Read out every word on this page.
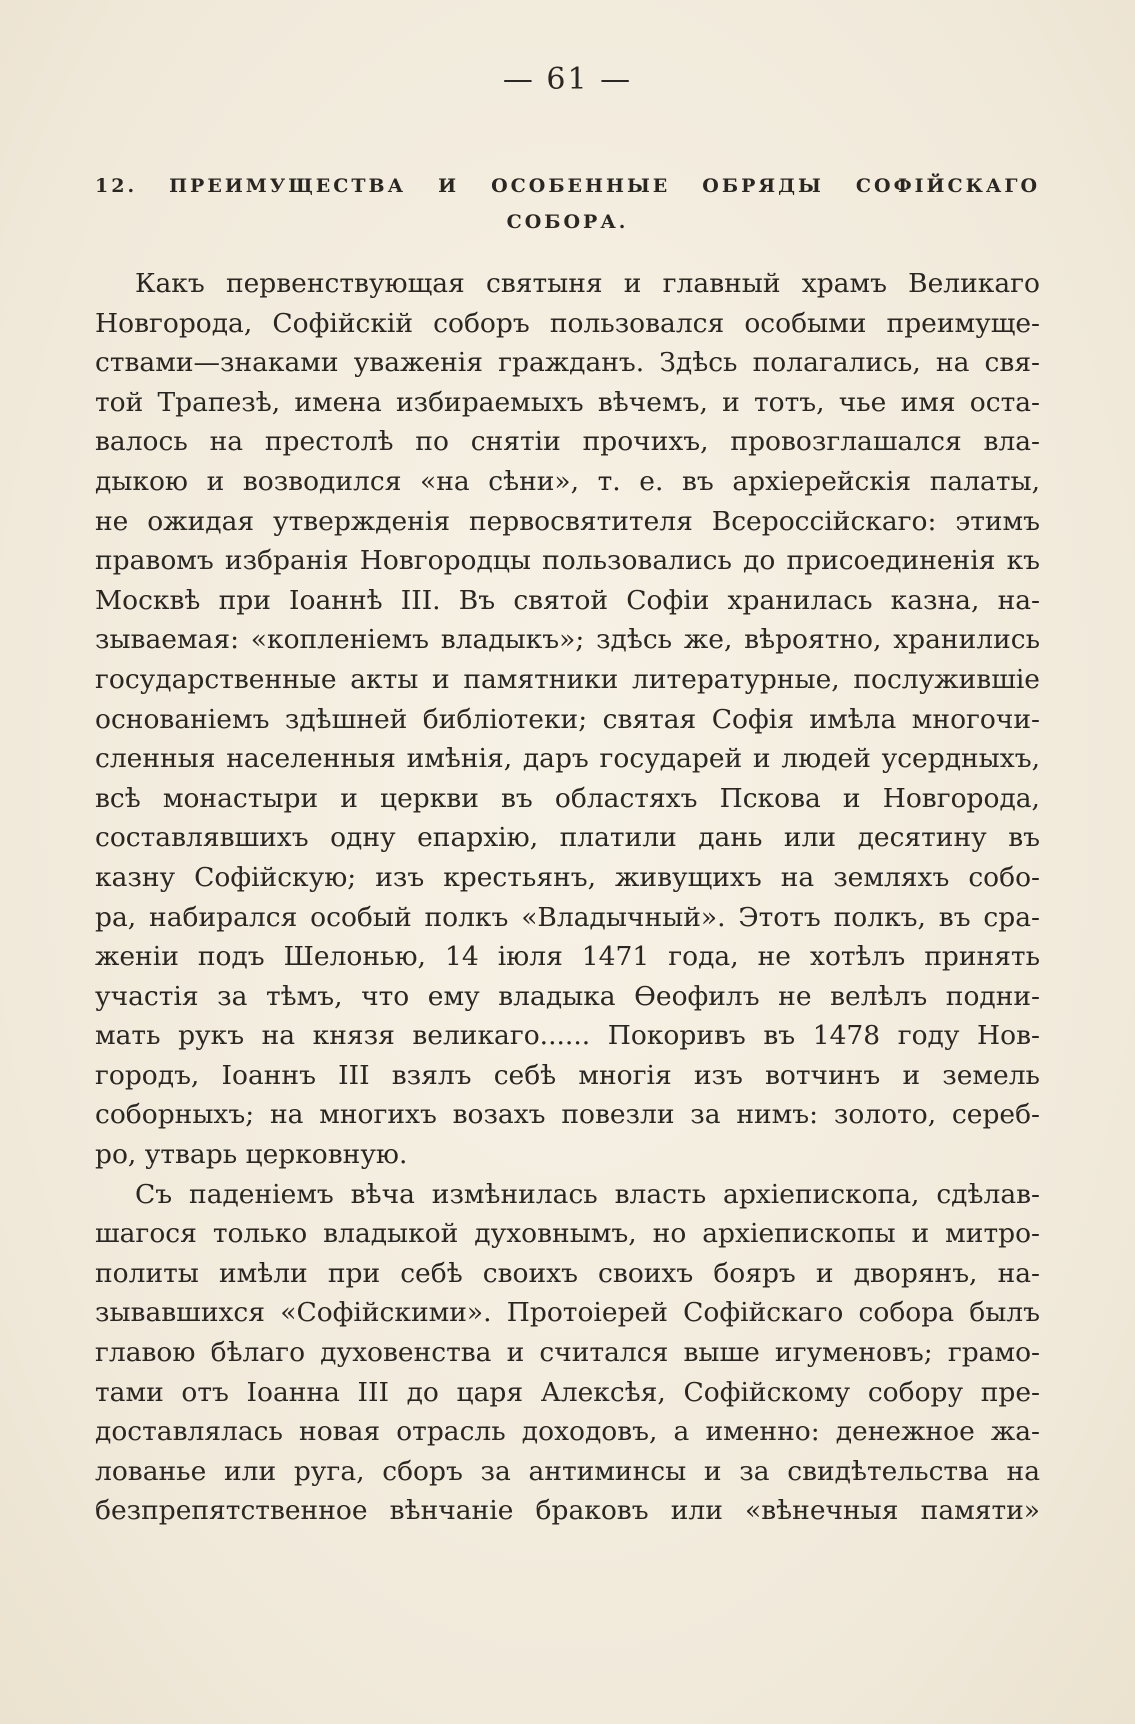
— 61 —
12. ПРЕИМУЩЕСТВА И ОСОБЕННЫЕ ОБРЯДЫ СОФІЙСКАГО
СОБОРА.
Какъ первенствующая святыня и главный храмъ Великаго
Новгорода, Софійскій соборъ пользовался особыми преимуще-
ствами—знаками уваженія гражданъ. Здѣсь полагались, на свя-
той Трапезѣ, имена избираемыхъ вѣчемъ, и тотъ, чье имя оста-
валось на престолѣ по снятіи прочихъ, провозглашался вла-
дыкою и возводился «на сѣни», т. е. въ архіерейскія палаты,
не ожидая утвержденія первосвятителя Всероссійскаго: этимъ
правомъ избранія Новгородцы пользовались до присоединенія къ
Москвѣ при Іоаннѣ III. Въ святой Софіи хранилась казна, на-
зываемая: «копленіемъ владыкъ»; здѣсь же, вѣроятно, хранились
государственные акты и памятники литературные, послужившіе
основаніемъ здѣшней библіотеки; святая Софія имѣла многочи-
сленныя населенныя имѣнія, даръ государей и людей усердныхъ,
всѣ монастыри и церкви въ областяхъ Пскова и Новгорода,
составлявшихъ одну епархію, платили дань или десятину въ
казну Софійскую; изъ крестьянъ, живущихъ на земляхъ собо-
ра, набирался особый полкъ «Владычный». Этотъ полкъ, въ сра-
женіи подъ Шелонью, 14 іюля 1471 года, не хотѣлъ принять
участія за тѣмъ, что ему владыка Ѳеофилъ не велѣлъ подни-
мать рукъ на князя великаго...... Покоривъ въ 1478 году Нов-
городъ, Іоаннъ III взялъ себѣ многія изъ вотчинъ и земель
соборныхъ; на многихъ возахъ повезли за нимъ: золото, сереб-
ро, утварь церковную.
Съ паденіемъ вѣча измѣнилась власть архіепископа, сдѣлав-
шагося только владыкой духовнымъ, но архіепископы и митро-
политы имѣли при себѣ своихъ своихъ бояръ и дворянъ, на-
зывавшихся «Софійскими». Протоіерей Софійскаго собора былъ
главою бѣлаго духовенства и считался выше игуменовъ; грамо-
тами отъ Іоанна III до царя Алексѣя, Софійскому собору пре-
доставлялась новая отрасль доходовъ, а именно: денежное жа-
лованье или руга, сборъ за антиминсы и за свидѣтельства на
безпрепятственное вѣнчаніе браковъ или «вѣнечныя памяти»
